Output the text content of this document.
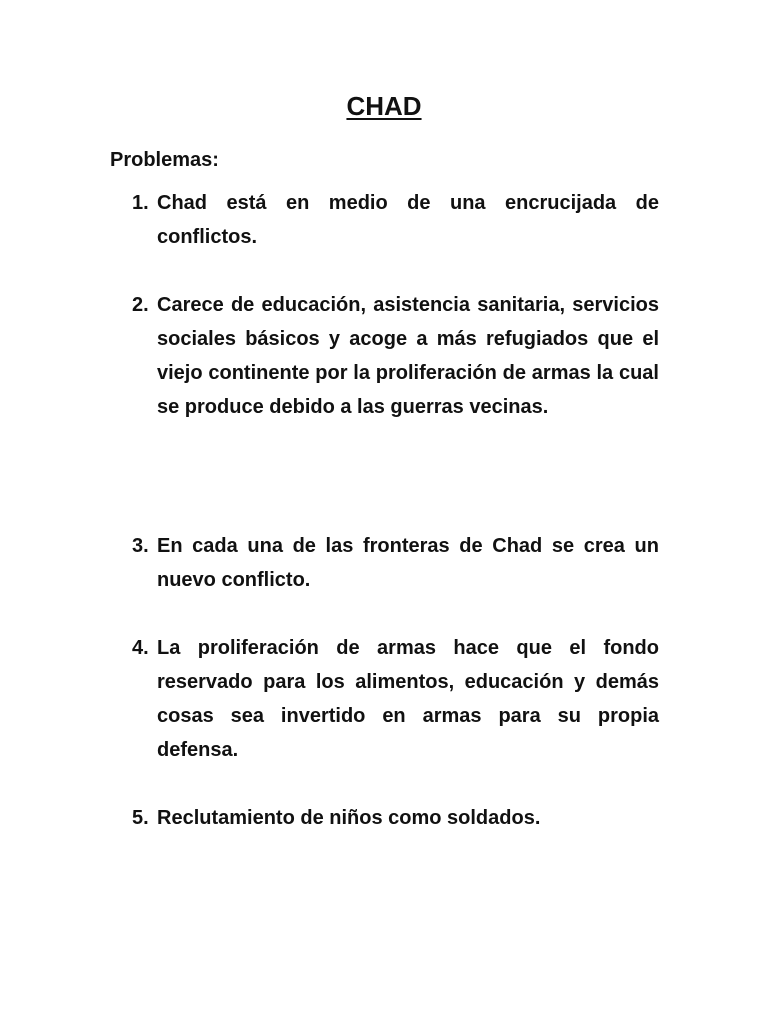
CHAD
Problemas:
1. Chad está en medio de una encrucijada de conflictos.
2. Carece de educación, asistencia sanitaria, servicios sociales básicos y acoge a más refugiados que el viejo continente por la proliferación de armas la cual se produce debido a las guerras vecinas.
3. En cada una de las fronteras de Chad se crea un nuevo conflicto.
4. La proliferación de armas hace que el fondo reservado para los alimentos, educación y demás cosas sea invertido en armas para su propia defensa.
5. Reclutamiento de niños como soldados.
